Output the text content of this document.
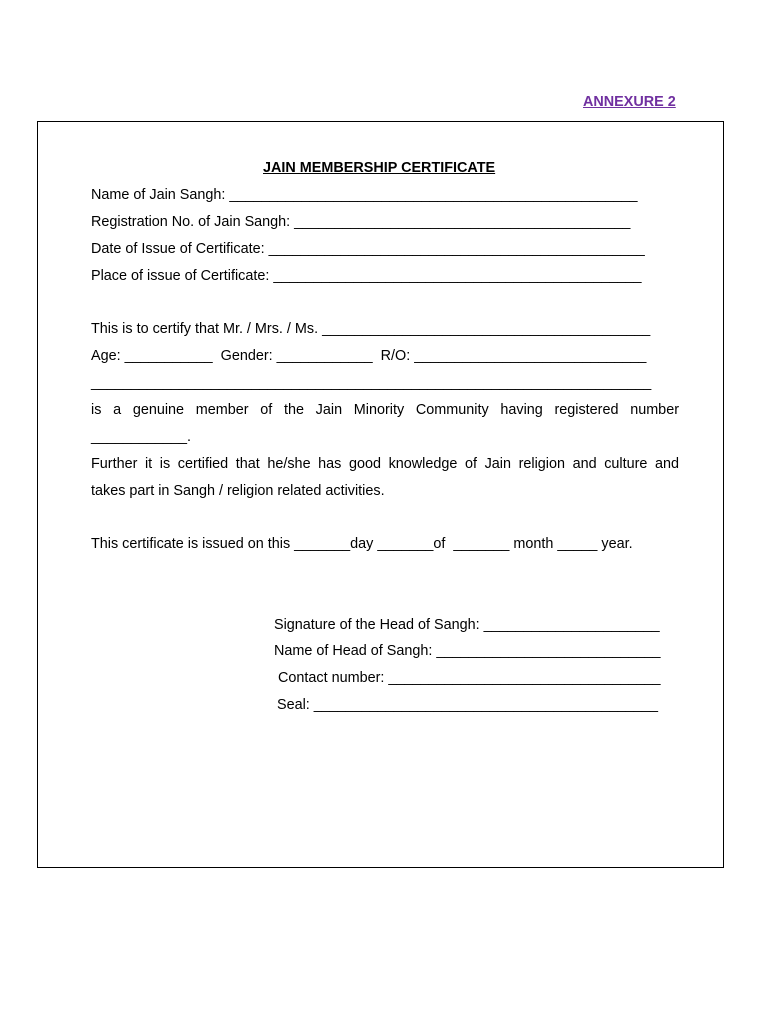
ANNEXURE 2
JAIN MEMBERSHIP CERTIFICATE
Name of Jain Sangh: ___________________________________________________
Registration No. of Jain Sangh: __________________________________________
Date of Issue of Certificate: _______________________________________________
Place of issue of Certificate: ______________________________________________
This is to certify that Mr. / Mrs. / Ms. _________________________________________
Age: ___________  Gender: ____________  R/O: _____________________________
______________________________________________________________________
is a genuine member of the Jain Minority Community having registered number
____________.
Further it is certified that he/she has good knowledge of Jain religion and culture and
takes part in Sangh / religion related activities.
This certificate is issued on this _______day _______of  _______ month _____ year.
Signature of the Head of Sangh: ______________________
Name of Head of Sangh: ____________________________
Contact number: __________________________________
Seal: ___________________________________________
